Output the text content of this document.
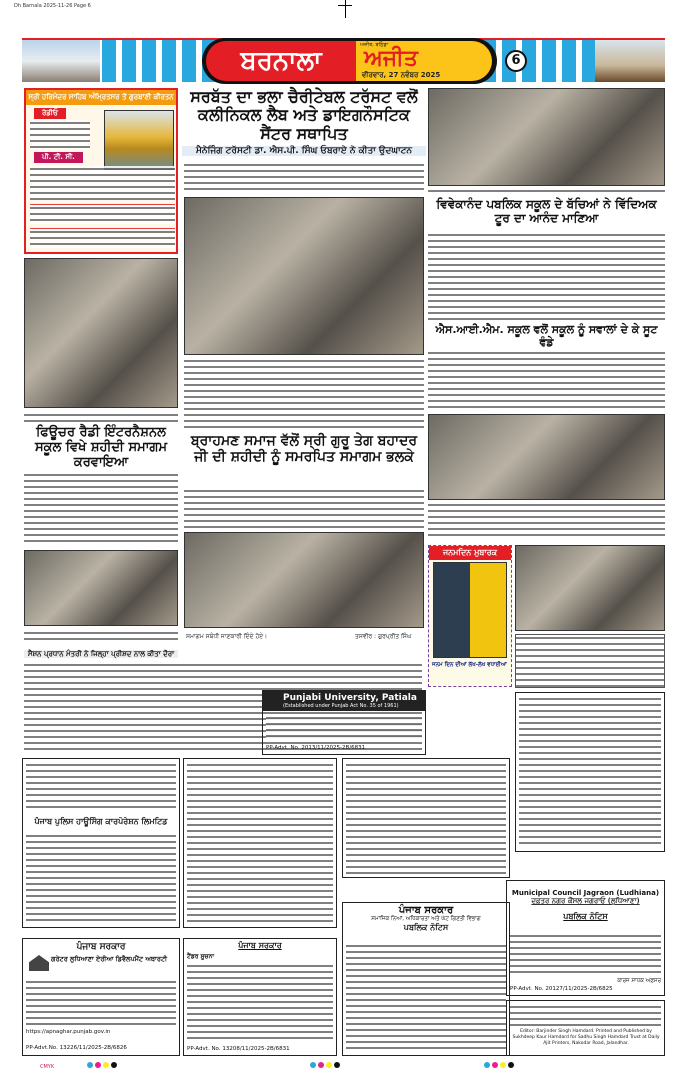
Dh Barnala 2025-11-26 Page 6
ਬਰਨਾਲਾ
ਅਜੀਤ, ਬਠਿੰਡਾ
ਅਜੀਤ
ਵੀਰਵਾਰ, 27 ਨਵੰਬਰ 2025
6
ਸ੍ਰੀ ਹਰਿਮੰਦਰ ਸਾਹਿਬ ਅੰਮ੍ਰਿਤਸਰ ਤੋਂ ਗੁਰਬਾਣੀ ਕੀਰਤਨ
ਰੇਡੀਓ
ਪੀ. ਟੀ. ਸੀ.
ਫਿਊਚਰ ਰੈਡੀ ਇੰਟਰਨੈਸ਼ਨਲ ਸਕੂਲ ਵਿਖੇ ਸ਼ਹੀਦੀ ਸਮਾਗਮ ਕਰਵਾਇਆ
ਸਰਬੱਤ ਦਾ ਭਲਾ ਚੈਰੀਟੇਬਲ ਟਰੱਸਟ ਵਲੋਂ ਕਲੀਨਿਕਲ ਲੈਬ ਅਤੇ ਡਾਇਗਨੌਸਟਿਕ ਸੈਂਟਰ ਸਥਾਪਿਤ
ਮੈਨੇਜਿੰਗ ਟਰੱਸਟੀ ਡਾ. ਐਸ.ਪੀ. ਸਿੰਘ ਓਬਰਾਏ ਨੇ ਕੀਤਾ ਉਦਘਾਟਨ
ਬ੍ਰਾਹਮਣ ਸਮਾਜ ਵੱਲੋਂ ਸ੍ਰੀ ਗੁਰੂ ਤੇਗ ਬਹਾਦਰ ਜੀ ਦੀ ਸ਼ਹੀਦੀ ਨੂੰ ਸਮਰਪਿਤ ਸਮਾਗਮ ਭਲਕੇ
ਸਮਾਗਮ ਸਬੰਧੀ ਜਾਣਕਾਰੀ ਦਿੰਦੇ ਹੋਏ।	ਤਸਵੀਰ : ਗੁਰਪ੍ਰੀਤ ਸਿੰਘ
ਵਿਵੇਕਾਨੰਦ ਪਬਲਿਕ ਸਕੂਲ ਦੇ ਬੱਚਿਆਂ ਨੇ ਵਿੱਦਿਅਕ ਟੂਰ ਦਾ ਆਨੰਦ ਮਾਣਿਆ
ਐਸ.ਆਈ.ਐਮ. ਸਕੂਲ ਵਲੋਂ ਸਕੂਲ ਨੂੰ ਸਵਾਲਾਂ ਦੇ ਕੇ ਸੂਟ ਵੰਡੇ
ਜਨਮਦਿਨ ਮੁਬਾਰਕ
ਜਨਮ ਦਿਨ ਦੀਆਂ ਲੱਖ-ਲੱਖ ਵਧਾਈਆਂ
ਸੈਸ਼ਨ ਪ੍ਰਧਾਨ ਮੰਤਰੀ ਨੇ ਜਿਲ੍ਹਾ ਪ੍ਰੀਸ਼ਦ ਨਾਲ ਕੀਤਾ ਦੌਰਾ
Punjabi University, Patiala
(Established under Punjab Act No. 35 of 1961)
PP-Advt. No. 2013/11/2025-2B/6831
ਪੰਜਾਬ ਪੁਲਿਸ ਹਾਊਸਿੰਗ ਕਾਰਪੋਰੇਸ਼ਨ ਲਿਮਟਿਡ
ਪੰਜਾਬ ਸਰਕਾਰ
ਗਰੇਟਰ ਲੁਧਿਆਣਾ ਏਰੀਆ ਡਿਵੈਲਪਮੈਂਟ ਅਥਾਰਟੀ
https://apnaghar.punjab.gov.in
PP-Advt.No. 13226/11/2025-2B/6826
ਪੰਜਾਬ ਸਰਕਾਰ
ਟੈਂਡਰ ਸੂਚਨਾ
PP-Advt. No. 13208/11/2025-2B/6831
ਪੰਜਾਬ ਸਰਕਾਰ
ਸਮਾਜਿਕ ਨਿਆਂ, ਅਧਿਕਾਰਤਾ ਅਤੇ ਘੱਟ ਗਿਣਤੀ ਵਿਭਾਗ
ਪਬਲਿਕ ਨੋਟਿਸ
Municipal Council Jagraon (Ludhiana)
ਦਫ਼ਤਰ ਨਗਰ ਕੌਂਸਲ ਜਗਰਾਓਂ (ਲੁਧਿਆਣਾ)
ਪਬਲਿਕ ਨੋਟਿਸ
ਕਾਰਜ ਸਾਧਕ ਅਫ਼ਸਰ
PP-Advt. No. 20127/11/2025-2B/6825
Editor: Barjinder Singh Hamdard. Printed and Published by Sukhdeep Kaur Hamdard for Sadhu Singh Hamdard Trust at Daily Ajit Printers, Nakodar Road, Jalandhar.
CMYK
